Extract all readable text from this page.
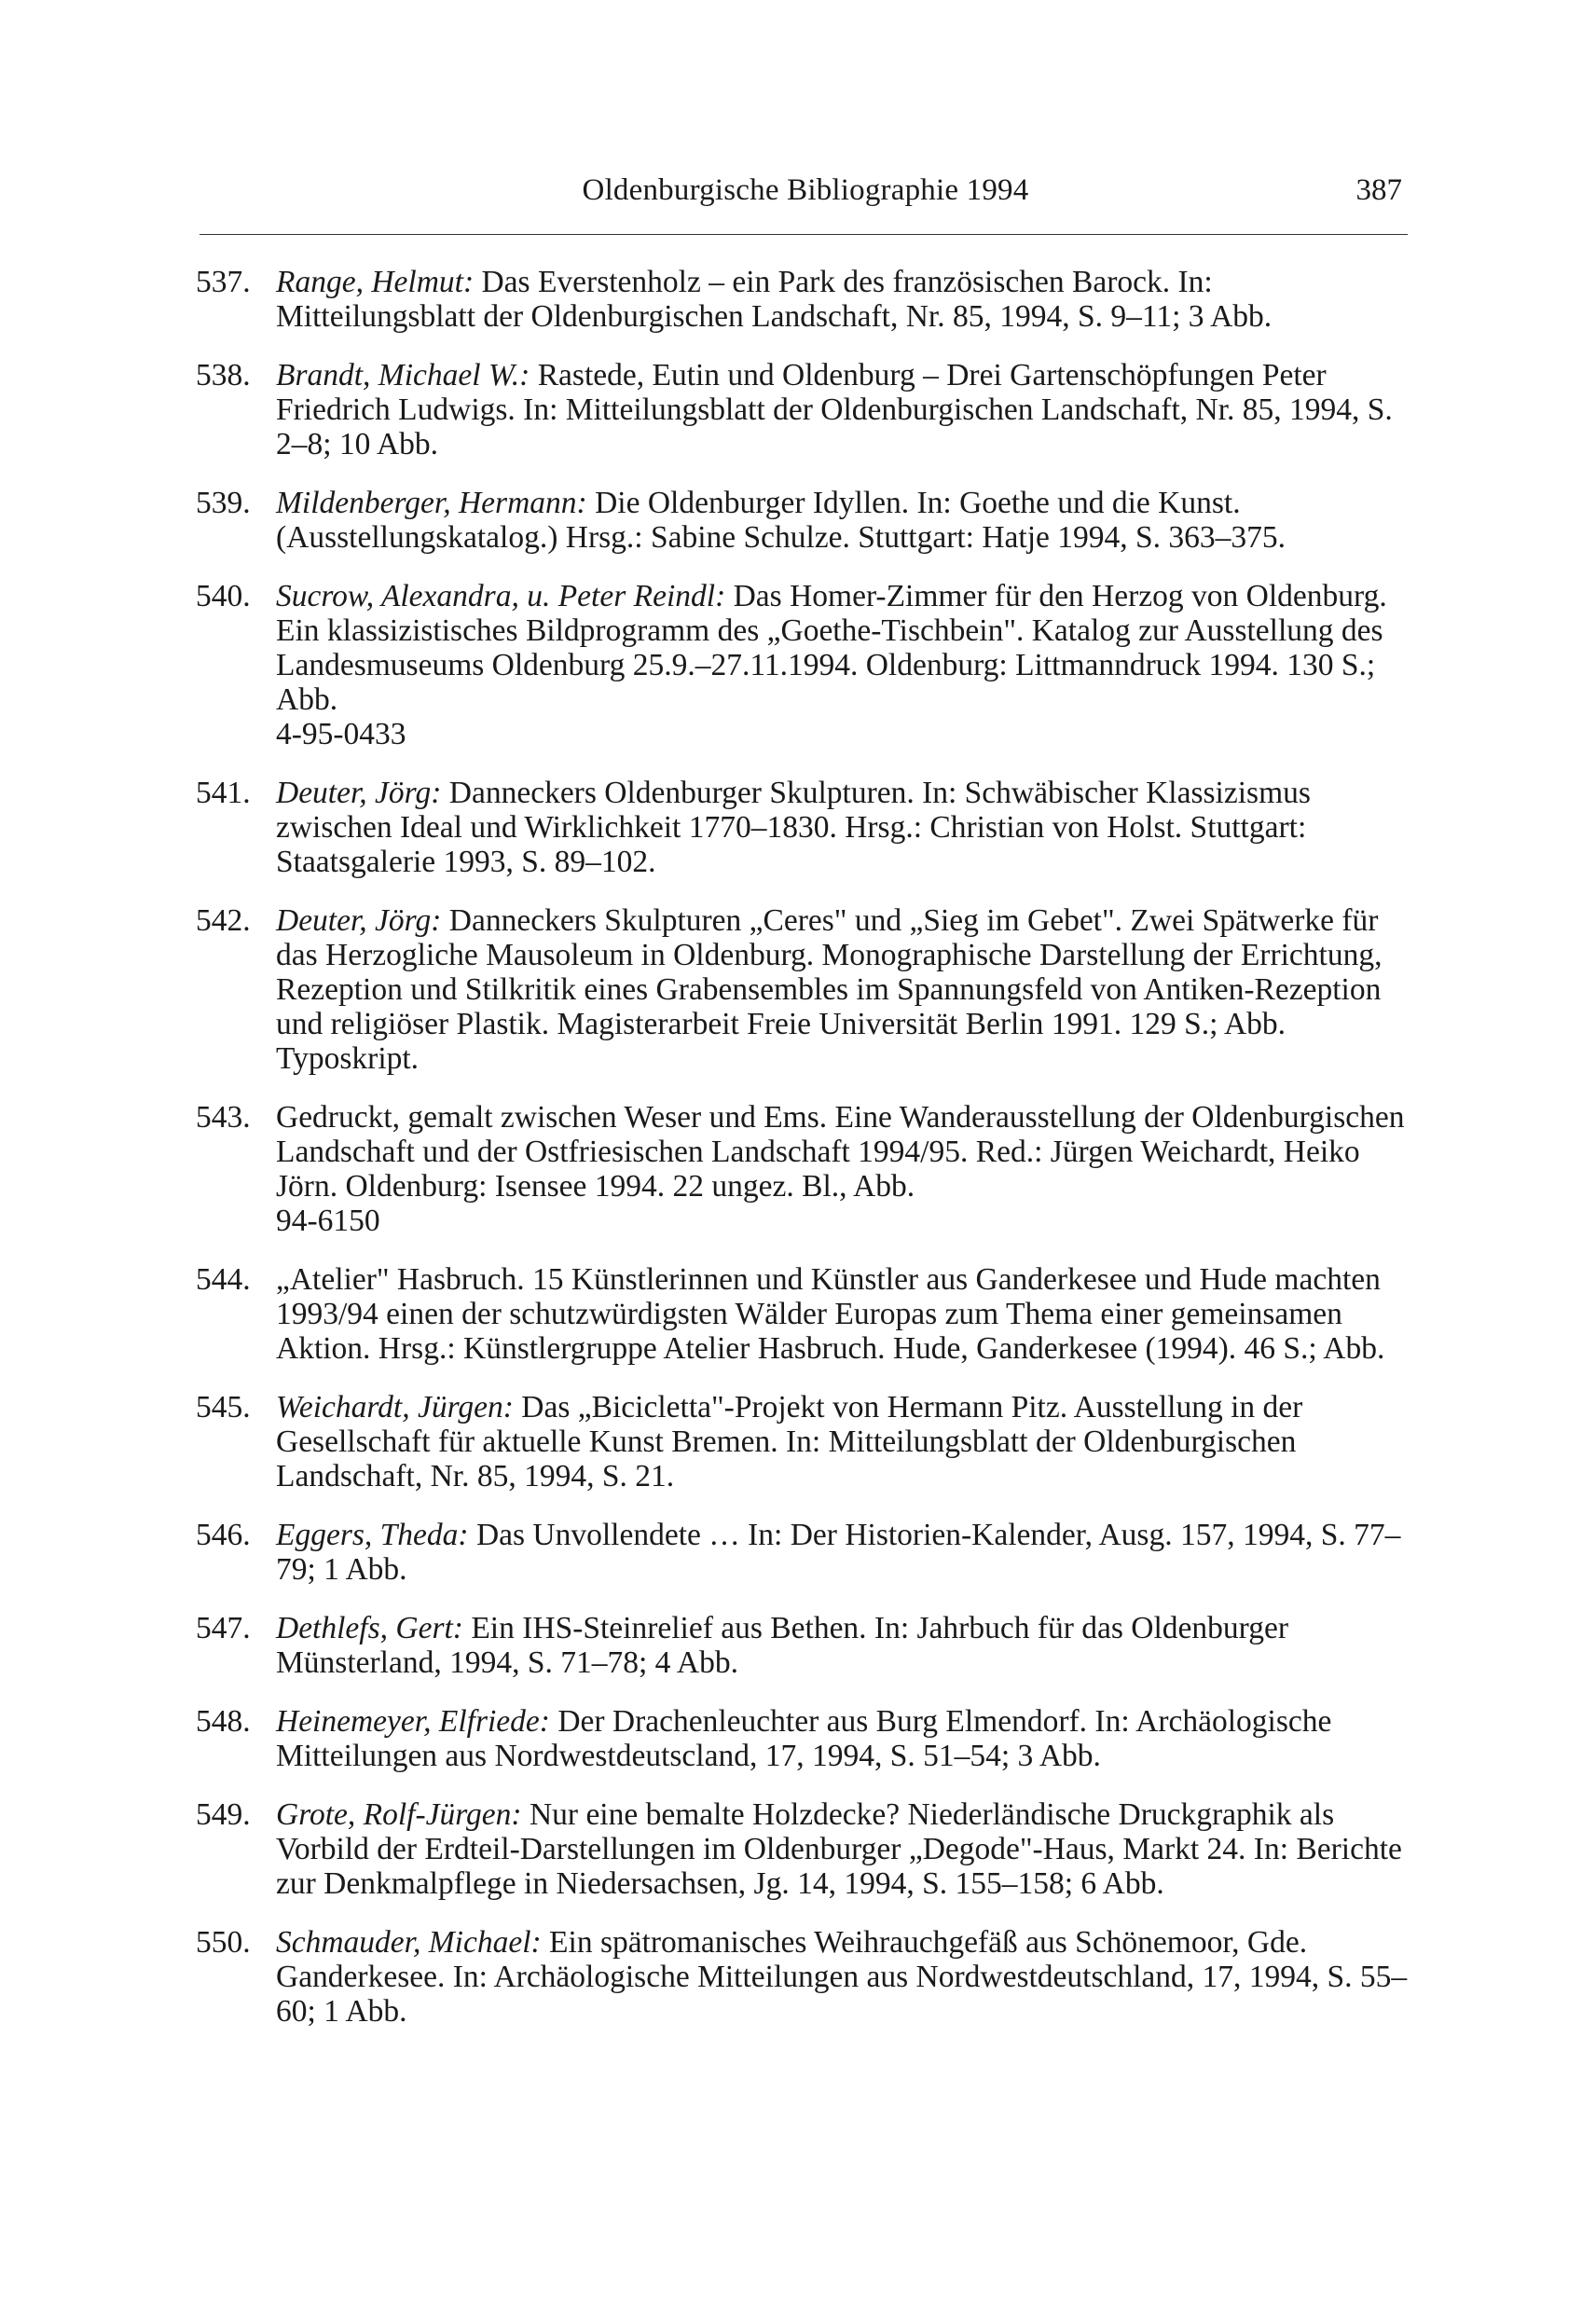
Oldenburgische Bibliographie 1994	387
537. Range, Helmut: Das Everstenholz – ein Park des französischen Barock. In: Mitteilungsblatt der Oldenburgischen Landschaft, Nr. 85, 1994, S. 9–11; 3 Abb.
538. Brandt, Michael W.: Rastede, Eutin und Oldenburg – Drei Gartenschöpfungen Peter Friedrich Ludwigs. In: Mitteilungsblatt der Oldenburgischen Landschaft, Nr. 85, 1994, S. 2–8; 10 Abb.
539. Mildenberger, Hermann: Die Oldenburger Idyllen. In: Goethe und die Kunst. (Ausstellungskatalog.) Hrsg.: Sabine Schulze. Stuttgart: Hatje 1994, S. 363–375.
540. Sucrow, Alexandra, u. Peter Reindl: Das Homer-Zimmer für den Herzog von Oldenburg. Ein klassizistisches Bildprogramm des „Goethe-Tischbein". Katalog zur Ausstellung des Landesmuseums Oldenburg 25.9.–27.11.1994. Oldenburg: Littmanndruck 1994. 130 S.; Abb.
4-95-0433
541. Deuter, Jörg: Danneckers Oldenburger Skulpturen. In: Schwäbischer Klassizismus zwischen Ideal und Wirklichkeit 1770–1830. Hrsg.: Christian von Holst. Stuttgart: Staatsgalerie 1993, S. 89–102.
542. Deuter, Jörg: Danneckers Skulpturen „Ceres" und „Sieg im Gebet". Zwei Spätwerke für das Herzogliche Mausoleum in Oldenburg. Monographische Darstellung der Errichtung, Rezeption und Stilkritik eines Grabensembles im Spannungsfeld von Antiken-Rezeption und religiöser Plastik. Magisterarbeit Freie Universität Berlin 1991. 129 S.; Abb. Typoskript.
543. Gedruckt, gemalt zwischen Weser und Ems. Eine Wanderausstellung der Oldenburgischen Landschaft und der Ostfriesischen Landschaft 1994/95. Red.: Jürgen Weichardt, Heiko Jörn. Oldenburg: Isensee 1994. 22 ungez. Bl., Abb.
94-6150
544. „Atelier" Hasbruch. 15 Künstlerinnen und Künstler aus Ganderkesee und Hude machten 1993/94 einen der schutzwürdigsten Wälder Europas zum Thema einer gemeinsamen Aktion. Hrsg.: Künstlergruppe Atelier Hasbruch. Hude, Ganderkesee (1994). 46 S.; Abb.
545. Weichardt, Jürgen: Das „Bicicletta"-Projekt von Hermann Pitz. Ausstellung in der Gesellschaft für aktuelle Kunst Bremen. In: Mitteilungsblatt der Oldenburgischen Landschaft, Nr. 85, 1994, S. 21.
546. Eggers, Theda: Das Unvollendete … In: Der Historien-Kalender, Ausg. 157, 1994, S. 77–79; 1 Abb.
547. Dethlefs, Gert: Ein IHS-Steinrelief aus Bethen. In: Jahrbuch für das Oldenburger Münsterland, 1994, S. 71–78; 4 Abb.
548. Heinemeyer, Elfriede: Der Drachenleuchter aus Burg Elmendorf. In: Archäologische Mitteilungen aus Nordwestdeutscland, 17, 1994, S. 51–54; 3 Abb.
549. Grote, Rolf-Jürgen: Nur eine bemalte Holzdecke? Niederländische Druckgraphik als Vorbild der Erdteil-Darstellungen im Oldenburger „Degode"-Haus, Markt 24. In: Berichte zur Denkmalpflege in Niedersachsen, Jg. 14, 1994, S. 155–158; 6 Abb.
550. Schmauder, Michael: Ein spätromanisches Weihrauchgefäß aus Schönemoor, Gde. Ganderkesee. In: Archäologische Mitteilungen aus Nordwestdeutschland, 17, 1994, S. 55–60; 1 Abb.
